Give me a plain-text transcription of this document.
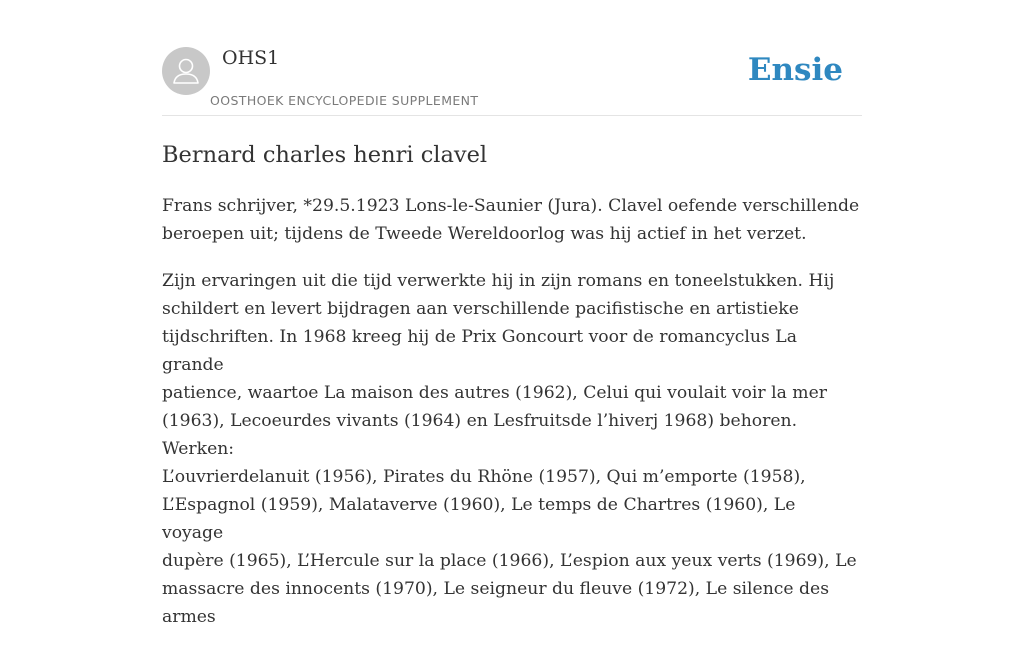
OHS1
OOSTHOEK ENCYCLOPEDIE SUPPLEMENT
Ensie
Bernard charles henri clavel

Frans schrijver, *29.5.1923 Lons-le-Saunier (Jura). Clavel oefende verschillende
beroepen uit; tijdens de Tweede Wereldoorlog was hij actief in het verzet.

Zijn ervaringen uit die tijd verwerkte hij in zijn romans en toneelstukken. Hij
schildert en levert bijdragen aan verschillende pacifistische en artistieke
tijdschriften. In 1968 kreeg hij de Prix Goncourt voor de romancyclus La grande
patience, waartoe La maison des autres (1962), Celui qui voulait voir la mer
(1963), Lecoeurdes vivants (1964) en Lesfruitsde l’hiverj 1968) behoren. Werken:
L’ouvrierdelanuit (1956), Pirates du Rhöne (1957), Qui m’emporte (1958),
L’Espagnol (1959), Malataverve (1960), Le temps de Chartres (1960), Le voyage
dupère (1965), L’Hercule sur la place (1966), L’espion aux yeux verts (1969), Le
massacre des innocents (1970), Le seigneur du fleuve (1972), Le silence des armes
